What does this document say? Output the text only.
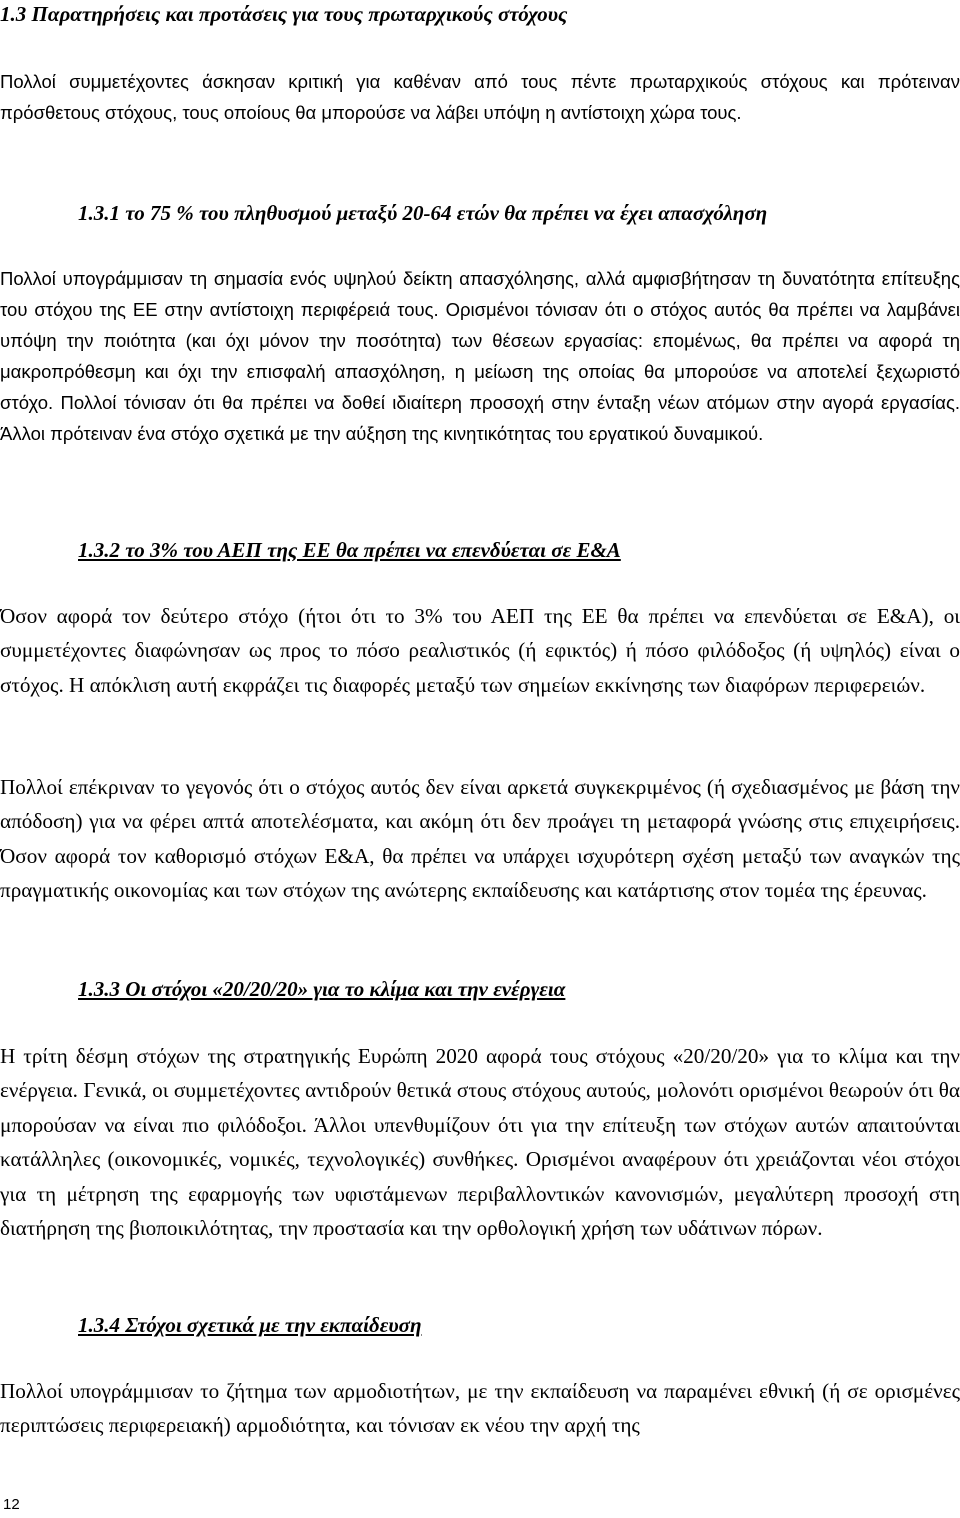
1.3 Παρατηρήσεις και προτάσεις για τους πρωταρχικούς στόχους

Πολλοί συμμετέχοντες άσκησαν κριτική για καθέναν από τους πέντε πρωταρχικούς στόχους και πρότειναν πρόσθετους στόχους, τους οποίους θα μπορούσε να λάβει υπόψη η αντίστοιχη χώρα τους.

1.3.1 το 75 % του πληθυσμού μεταξύ 20-64 ετών θα πρέπει να έχει απασχόληση

Πολλοί υπογράμμισαν τη σημασία ενός υψηλού δείκτη απασχόλησης, αλλά αμφισβήτησαν τη δυνατότητα επίτευξης του στόχου της ΕΕ στην αντίστοιχη περιφέρειά τους. Ορισμένοι τόνισαν ότι ο στόχος αυτός θα πρέπει να λαμβάνει υπόψη την ποιότητα (και όχι μόνον την ποσότητα) των θέσεων εργασίας: επομένως, θα πρέπει να αφορά τη μακροπρόθεσμη και όχι την επισφαλή απασχόληση, η μείωση της οποίας θα μπορούσε να αποτελεί ξεχωριστό στόχο. Πολλοί τόνισαν ότι θα πρέπει να δοθεί ιδιαίτερη προσοχή στην ένταξη νέων ατόμων στην αγορά εργασίας. Άλλοι πρότειναν ένα στόχο σχετικά με την αύξηση της κινητικότητας του εργατικού δυναμικού.

1.3.2 το 3% του ΑΕΠ της ΕΕ θα πρέπει να επενδύεται σε Ε&Α

Όσον αφορά τον δεύτερο στόχο (ήτοι ότι το 3% του ΑΕΠ της ΕΕ θα πρέπει να επενδύεται σε Ε&Α), οι συμμετέχοντες διαφώνησαν ως προς το πόσο ρεαλιστικός (ή εφικτός) ή πόσο φιλόδοξος (ή υψηλός) είναι ο στόχος. Η απόκλιση αυτή εκφράζει τις διαφορές μεταξύ των σημείων εκκίνησης των διαφόρων περιφερειών.

Πολλοί επέκριναν το γεγονός ότι ο στόχος αυτός δεν είναι αρκετά συγκεκριμένος (ή σχεδιασμένος με βάση την απόδοση) για να φέρει απτά αποτελέσματα, και ακόμη ότι δεν προάγει τη μεταφορά γνώσης στις επιχειρήσεις. Όσον αφορά τον καθορισμό στόχων Ε&Α, θα πρέπει να υπάρχει ισχυρότερη σχέση μεταξύ των αναγκών της πραγματικής οικονομίας και των στόχων της ανώτερης εκπαίδευσης και κατάρτισης στον τομέα της έρευνας.

1.3.3 Οι στόχοι «20/20/20» για το κλίμα και την ενέργεια

Η τρίτη δέσμη στόχων της στρατηγικής Ευρώπη 2020 αφορά τους στόχους «20/20/20» για το κλίμα και την ενέργεια. Γενικά, οι συμμετέχοντες αντιδρούν θετικά στους στόχους αυτούς, μολονότι ορισμένοι θεωρούν ότι θα μπορούσαν να είναι πιο φιλόδοξοι. Άλλοι υπενθυμίζουν ότι για την επίτευξη των στόχων αυτών απαιτούνται κατάλληλες (οικονομικές, νομικές, τεχνολογικές) συνθήκες. Ορισμένοι αναφέρουν ότι χρειάζονται νέοι στόχοι για τη μέτρηση της εφαρμογής των υφιστάμενων περιβαλλοντικών κανονισμών, μεγαλύτερη προσοχή στη διατήρηση της βιοποικιλότητας, την προστασία και την ορθολογική χρήση των υδάτινων πόρων.

1.3.4 Στόχοι σχετικά με την εκπαίδευση

Πολλοί υπογράμμισαν το ζήτημα των αρμοδιοτήτων, με την εκπαίδευση να παραμένει εθνική (ή σε ορισμένες περιπτώσεις περιφερειακή) αρμοδιότητα, και τόνισαν εκ νέου την αρχή της

12
